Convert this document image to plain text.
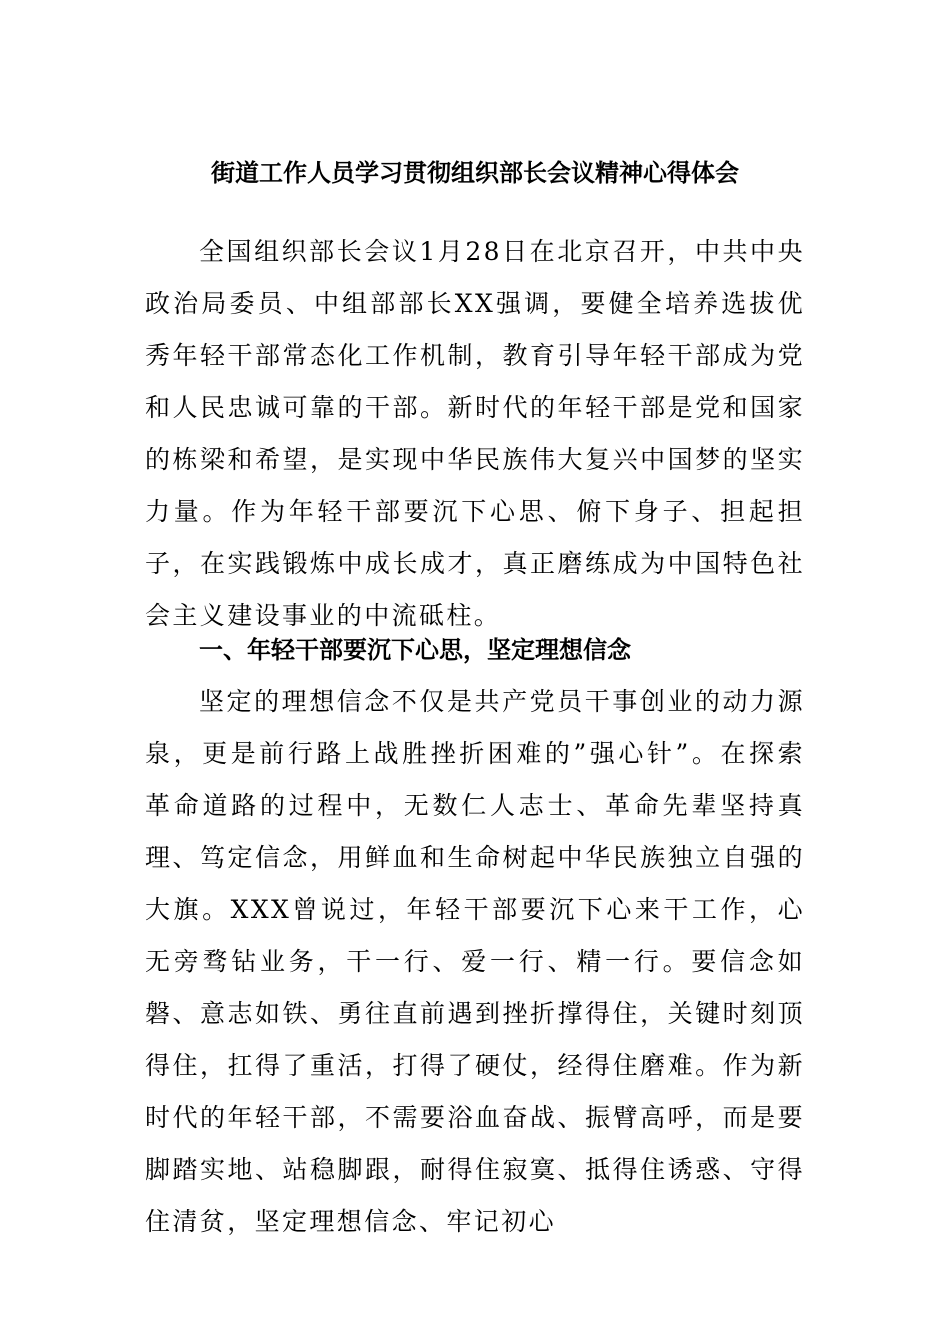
街道工作人员学习贯彻组织部长会议精神心得体会

全国组织部长会议1月28日在北京召开，中共中央政治局委员、中组部部长XX强调，要健全培养选拔优秀年轻干部常态化工作机制，教育引导年轻干部成为党和人民忠诚可靠的干部。新时代的年轻干部是党和国家的栋梁和希望，是实现中华民族伟大复兴中国梦的坚实力量。作为年轻干部要沉下心思、俯下身子、担起担子，在实践锻炼中成长成才，真正磨练成为中国特色社会主义建设事业的中流砥柱。

一、年轻干部要沉下心思，坚定理想信念

坚定的理想信念不仅是共产党员干事创业的动力源泉，更是前行路上战胜挫折困难的”强心针”。在探索革命道路的过程中，无数仁人志士、革命先辈坚持真理、笃定信念，用鲜血和生命树起中华民族独立自强的大旗。XXX曾说过，年轻干部要沉下心来干工作，心无旁骛钻业务，干一行、爱一行、精一行。要信念如磐、意志如铁、勇往直前遇到挫折撑得住，关键时刻顶得住，扛得了重活，打得了硬仗，经得住磨难。作为新时代的年轻干部，不需要浴血奋战、振臂高呼，而是要脚踏实地、站稳脚跟，耐得住寂寞、抵得住诱惑、守得住清贫，坚定理想信念、牢记初心
